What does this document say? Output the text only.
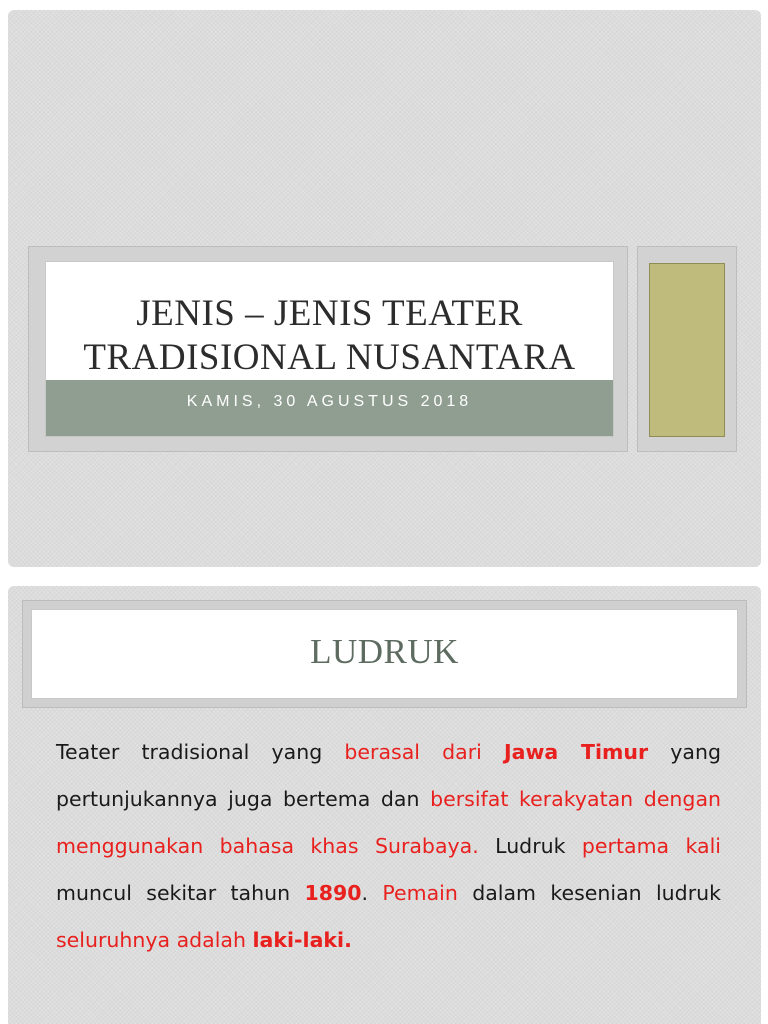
JENIS – JENIS TEATER
TRADISIONAL NUSANTARA
KAMIS, 30 AGUSTUS 2018
LUDRUK
Teater tradisional yang berasal dari Jawa Timur yang pertunjukannya juga bertema dan bersifat kerakyatan dengan menggunakan bahasa khas Surabaya. Ludruk pertama kali muncul sekitar tahun 1890. Pemain dalam kesenian ludruk seluruhnya adalah laki-laki.
